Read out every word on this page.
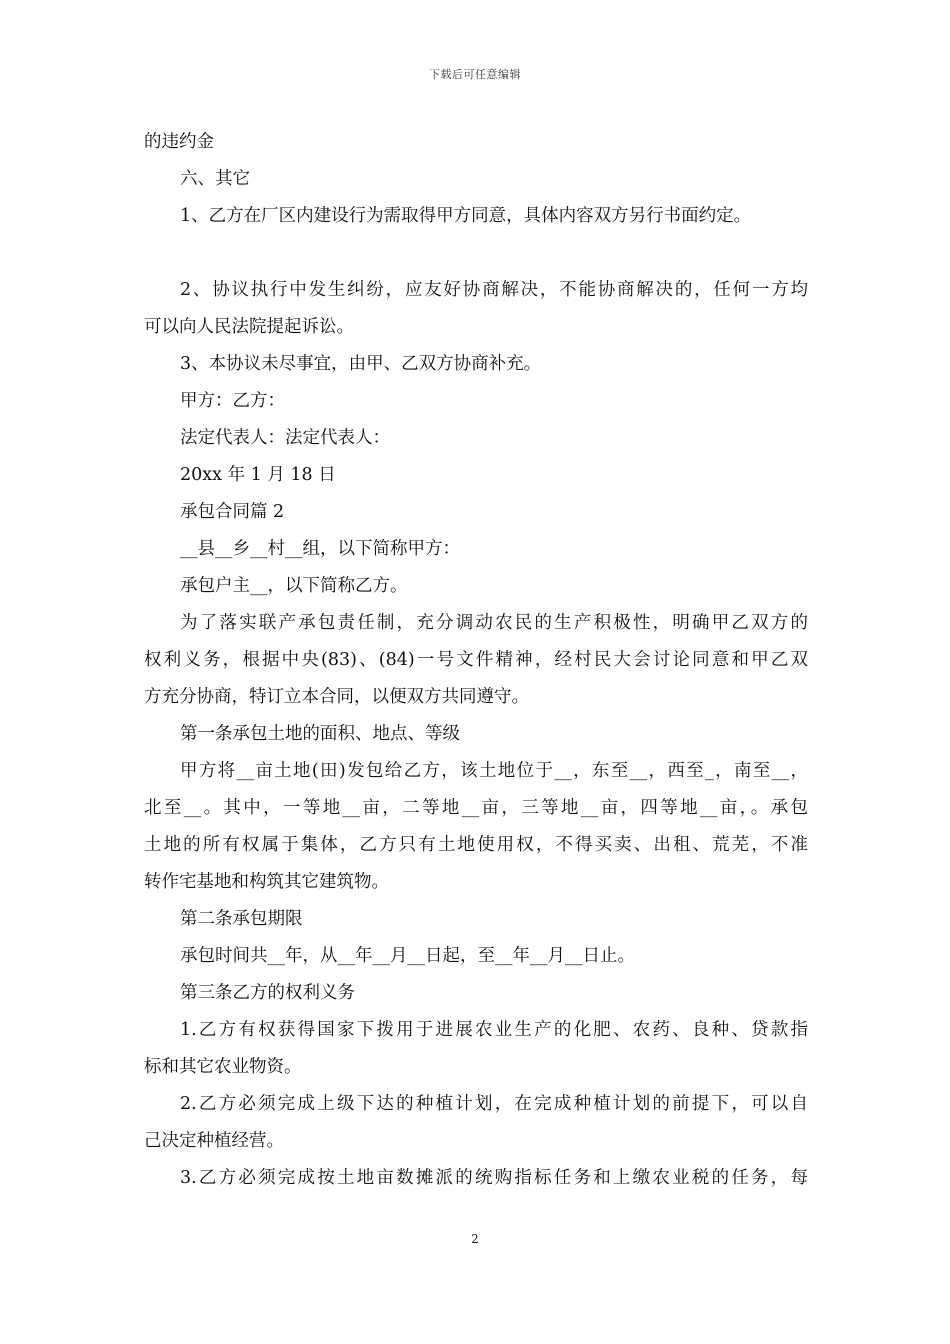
下载后可任意编辑
的违约金
六、其它
1、乙方在厂区内建设行为需取得甲方同意，具体内容双方另行书面约定。
2、协议执行中发生纠纷，应友好协商解决，不能协商解决的，任何一方均
可以向人民法院提起诉讼。
3、本协议未尽事宜，由甲、乙双方协商补充。
甲方：乙方：
法定代表人：法定代表人：
20xx 年 1 月 18 日
承包合同篇 2
__县__乡__村__组，以下简称甲方：
承包户主__，以下简称乙方。
为了落实联产承包责任制，充分调动农民的生产积极性，明确甲乙双方的
权利义务，根据中央(83)、(84)一号文件精神，经村民大会讨论同意和甲乙双
方充分协商，特订立本合同，以便双方共同遵守。
第一条承包土地的面积、地点、等级
甲方将__亩土地(田)发包给乙方，该土地位于__，东至__，西至_，南至__，
北至__。其中，一等地__亩，二等地__亩，三等地__亩，四等地__亩，。承包
土地的所有权属于集体，乙方只有土地使用权，不得买卖、出租、荒芜，不准
转作宅基地和构筑其它建筑物。
第二条承包期限
承包时间共__年，从__年__月__日起，至__年__月__日止。
第三条乙方的权利义务
1.乙方有权获得国家下拨用于进展农业生产的化肥、农药、良种、贷款指
标和其它农业物资。
2.乙方必须完成上级下达的种植计划，在完成种植计划的前提下，可以自
己决定种植经营。
3.乙方必须完成按土地亩数摊派的统购指标任务和上缴农业税的任务，每
2
